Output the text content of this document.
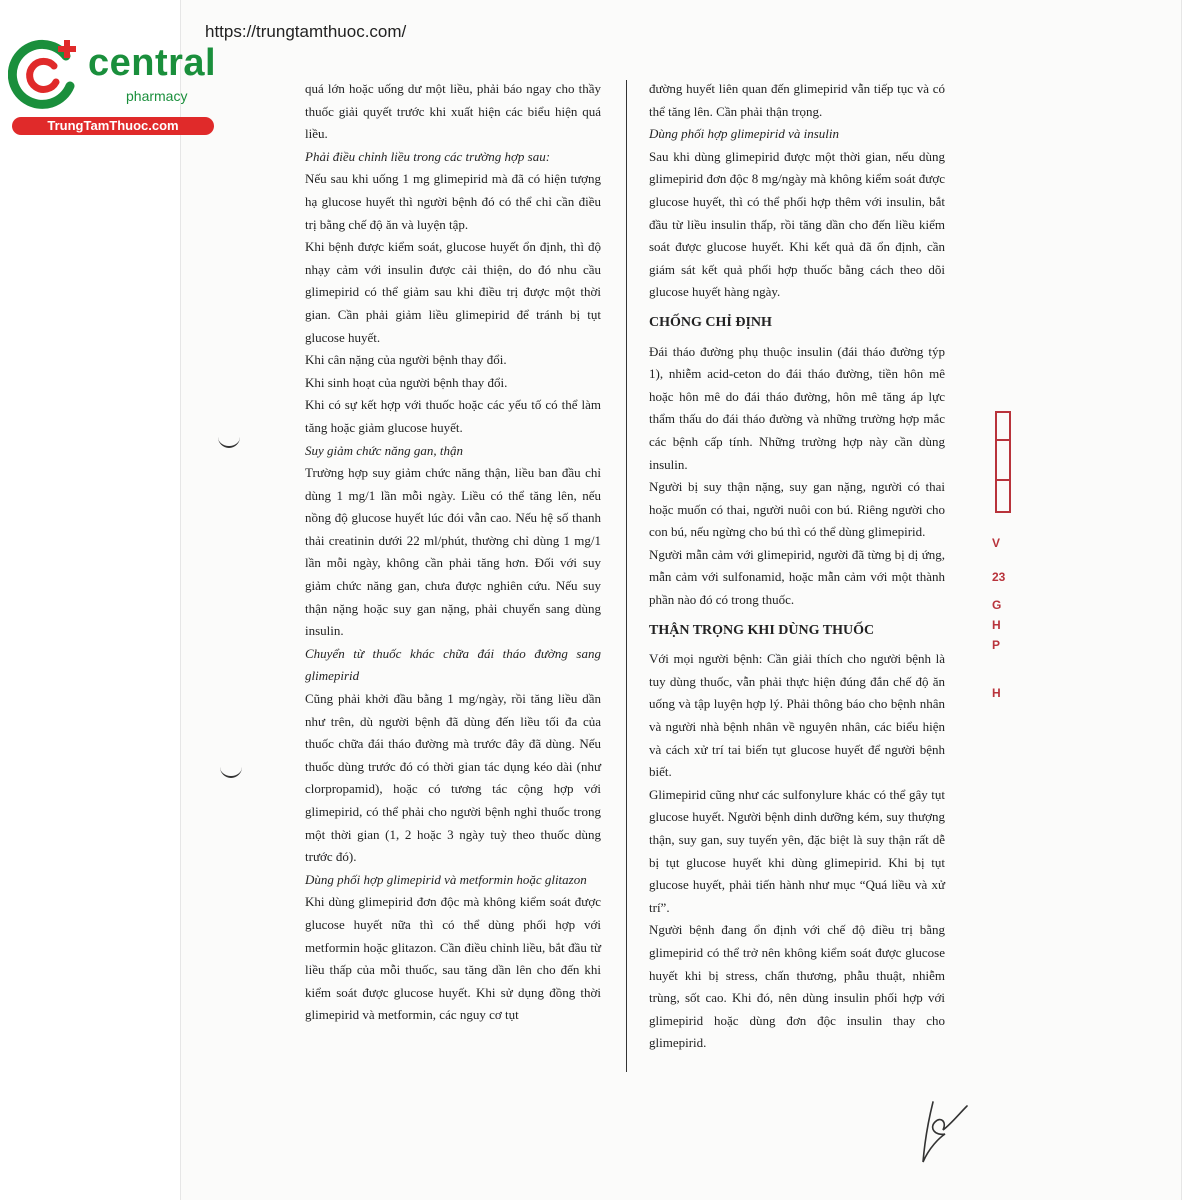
https://trungtamthuoc.com/
central
pharmacy
TrungTamThuoc.com

quá lớn hoặc uống dư một liều, phải báo ngay cho thầy thuốc giải quyết trước khi xuất hiện các biểu hiện quá liều.

Phải điều chỉnh liều trong các trường hợp sau:

Nếu sau khi uống 1 mg glimepirid mà đã có hiện tượng hạ glucose huyết thì người bệnh đó có thể chỉ cần điều trị bằng chế độ ăn và luyện tập.

Khi bệnh được kiểm soát, glucose huyết ổn định, thì độ nhạy cảm với insulin được cải thiện, do đó nhu cầu glimepirid có thể giảm sau khi điều trị được một thời gian. Cần phải giảm liều glimepirid để tránh bị tụt glucose huyết.

Khi cân nặng của người bệnh thay đổi.

Khi sinh hoạt của người bệnh thay đổi.

Khi có sự kết hợp với thuốc hoặc các yếu tố có thể làm tăng hoặc giảm glucose huyết.

Suy giảm chức năng gan, thận

Trường hợp suy giảm chức năng thận, liều ban đầu chỉ dùng 1 mg/1 lần mỗi ngày. Liều có thể tăng lên, nếu nồng độ glucose huyết lúc đói vẫn cao. Nếu hệ số thanh thải creatinin dưới 22 ml/phút, thường chỉ dùng 1 mg/1 lần mỗi ngày, không cần phải tăng hơn. Đối với suy giảm chức năng gan, chưa được nghiên cứu. Nếu suy thận nặng hoặc suy gan nặng, phải chuyển sang dùng insulin.

Chuyển từ thuốc khác chữa đái tháo đường sang glimepirid

Cũng phải khởi đầu bằng 1 mg/ngày, rồi tăng liều dần như trên, dù người bệnh đã dùng đến liều tối đa của thuốc chữa đái tháo đường mà trước đây đã dùng. Nếu thuốc dùng trước đó có thời gian tác dụng kéo dài (như clorpropamid), hoặc có tương tác cộng hợp với glimepirid, có thể phải cho người bệnh nghỉ thuốc trong một thời gian (1, 2 hoặc 3 ngày tuỳ theo thuốc dùng trước đó).

Dùng phối hợp glimepirid và metformin hoặc glitazon

Khi dùng glimepirid đơn độc mà không kiểm soát được glucose huyết nữa thì có thể dùng phối hợp với metformin hoặc glitazon. Cần điều chỉnh liều, bắt đầu từ liều thấp của mỗi thuốc, sau tăng dần lên cho đến khi kiểm soát được glucose huyết. Khi sử dụng đồng thời glimepirid và metformin, các nguy cơ tụt

đường huyết liên quan đến glimepirid vẫn tiếp tục và có thể tăng lên. Cần phải thận trọng.

Dùng phối hợp glimepirid và insulin

Sau khi dùng glimepirid được một thời gian, nếu dùng glimepirid đơn độc 8 mg/ngày mà không kiểm soát được glucose huyết, thì có thể phối hợp thêm với insulin, bắt đầu từ liều insulin thấp, rồi tăng dần cho đến liều kiểm soát được glucose huyết. Khi kết quả đã ổn định, cần giám sát kết quả phối hợp thuốc bằng cách theo dõi glucose huyết hàng ngày.

CHỐNG CHỈ ĐỊNH

Đái tháo đường phụ thuộc insulin (đái tháo đường týp 1), nhiễm acid-ceton do đái tháo đường, tiền hôn mê hoặc hôn mê do đái tháo đường, hôn mê tăng áp lực thẩm thấu do đái tháo đường và những trường hợp mắc các bệnh cấp tính. Những trường hợp này cần dùng insulin.

Người bị suy thận nặng, suy gan nặng, người có thai hoặc muốn có thai, người nuôi con bú. Riêng người cho con bú, nếu ngừng cho bú thì có thể dùng glimepirid.

Người mẫn cảm với glimepirid, người đã từng bị dị ứng, mẫn cảm với sulfonamid, hoặc mẫn cảm với một thành phần nào đó có trong thuốc.

THẬN TRỌNG KHI DÙNG THUỐC

Với mọi người bệnh: Cần giải thích cho người bệnh là tuy dùng thuốc, vẫn phải thực hiện đúng đắn chế độ ăn uống và tập luyện hợp lý. Phải thông báo cho bệnh nhân và người nhà bệnh nhân về nguyên nhân, các biểu hiện và cách xử trí tai biến tụt glucose huyết để người bệnh biết.

Glimepirid cũng như các sulfonylure khác có thể gây tụt glucose huyết. Người bệnh dinh dưỡng kém, suy thượng thận, suy gan, suy tuyến yên, đặc biệt là suy thận rất dễ bị tụt glucose huyết khi dùng glimepirid. Khi bị tụt glucose huyết, phải tiến hành như mục “Quá liều và xử trí”.

Người bệnh đang ổn định với chế độ điều trị bằng glimepirid có thể trở nên không kiểm soát được glucose huyết khi bị stress, chấn thương, phẫu thuật, nhiễm trùng, sốt cao. Khi đó, nên dùng insulin phối hợp với glimepirid hoặc dùng đơn độc insulin thay cho glimepirid.

V
23
G
H
P
H
